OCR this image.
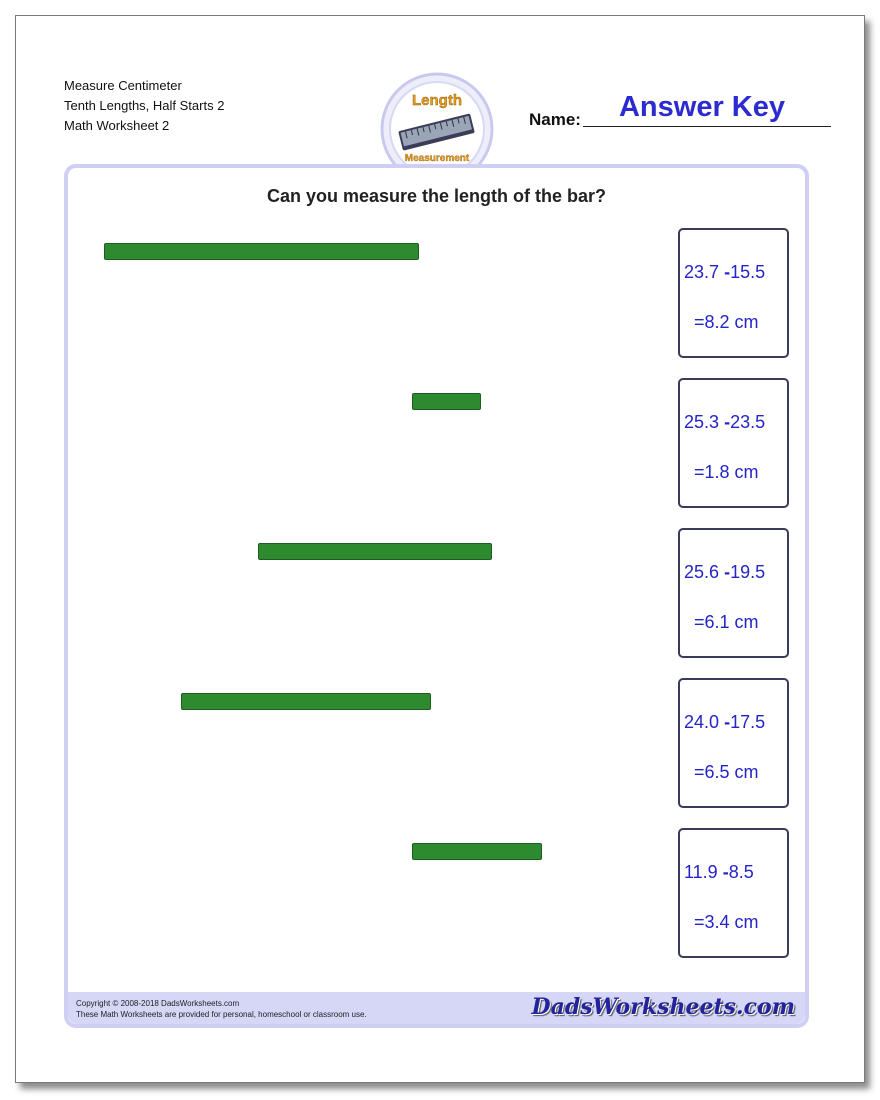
Measure Centimeter
Tenth Lengths, Half Starts 2
Math Worksheet 2
Length
Measurement
Name:	Answer Key
Can you measure the length of the bar?
23.7 -15.5
=8.2 cm
25.3 -23.5
=1.8 cm
25.6 -19.5
=6.1 cm
24.0 -17.5
=6.5 cm
11.9 -8.5
=3.4 cm
Copyright © 2008-2018 DadsWorksheets.com
These Math Worksheets are provided for personal, homeschool or classroom use.	DadsWorksheets.com
